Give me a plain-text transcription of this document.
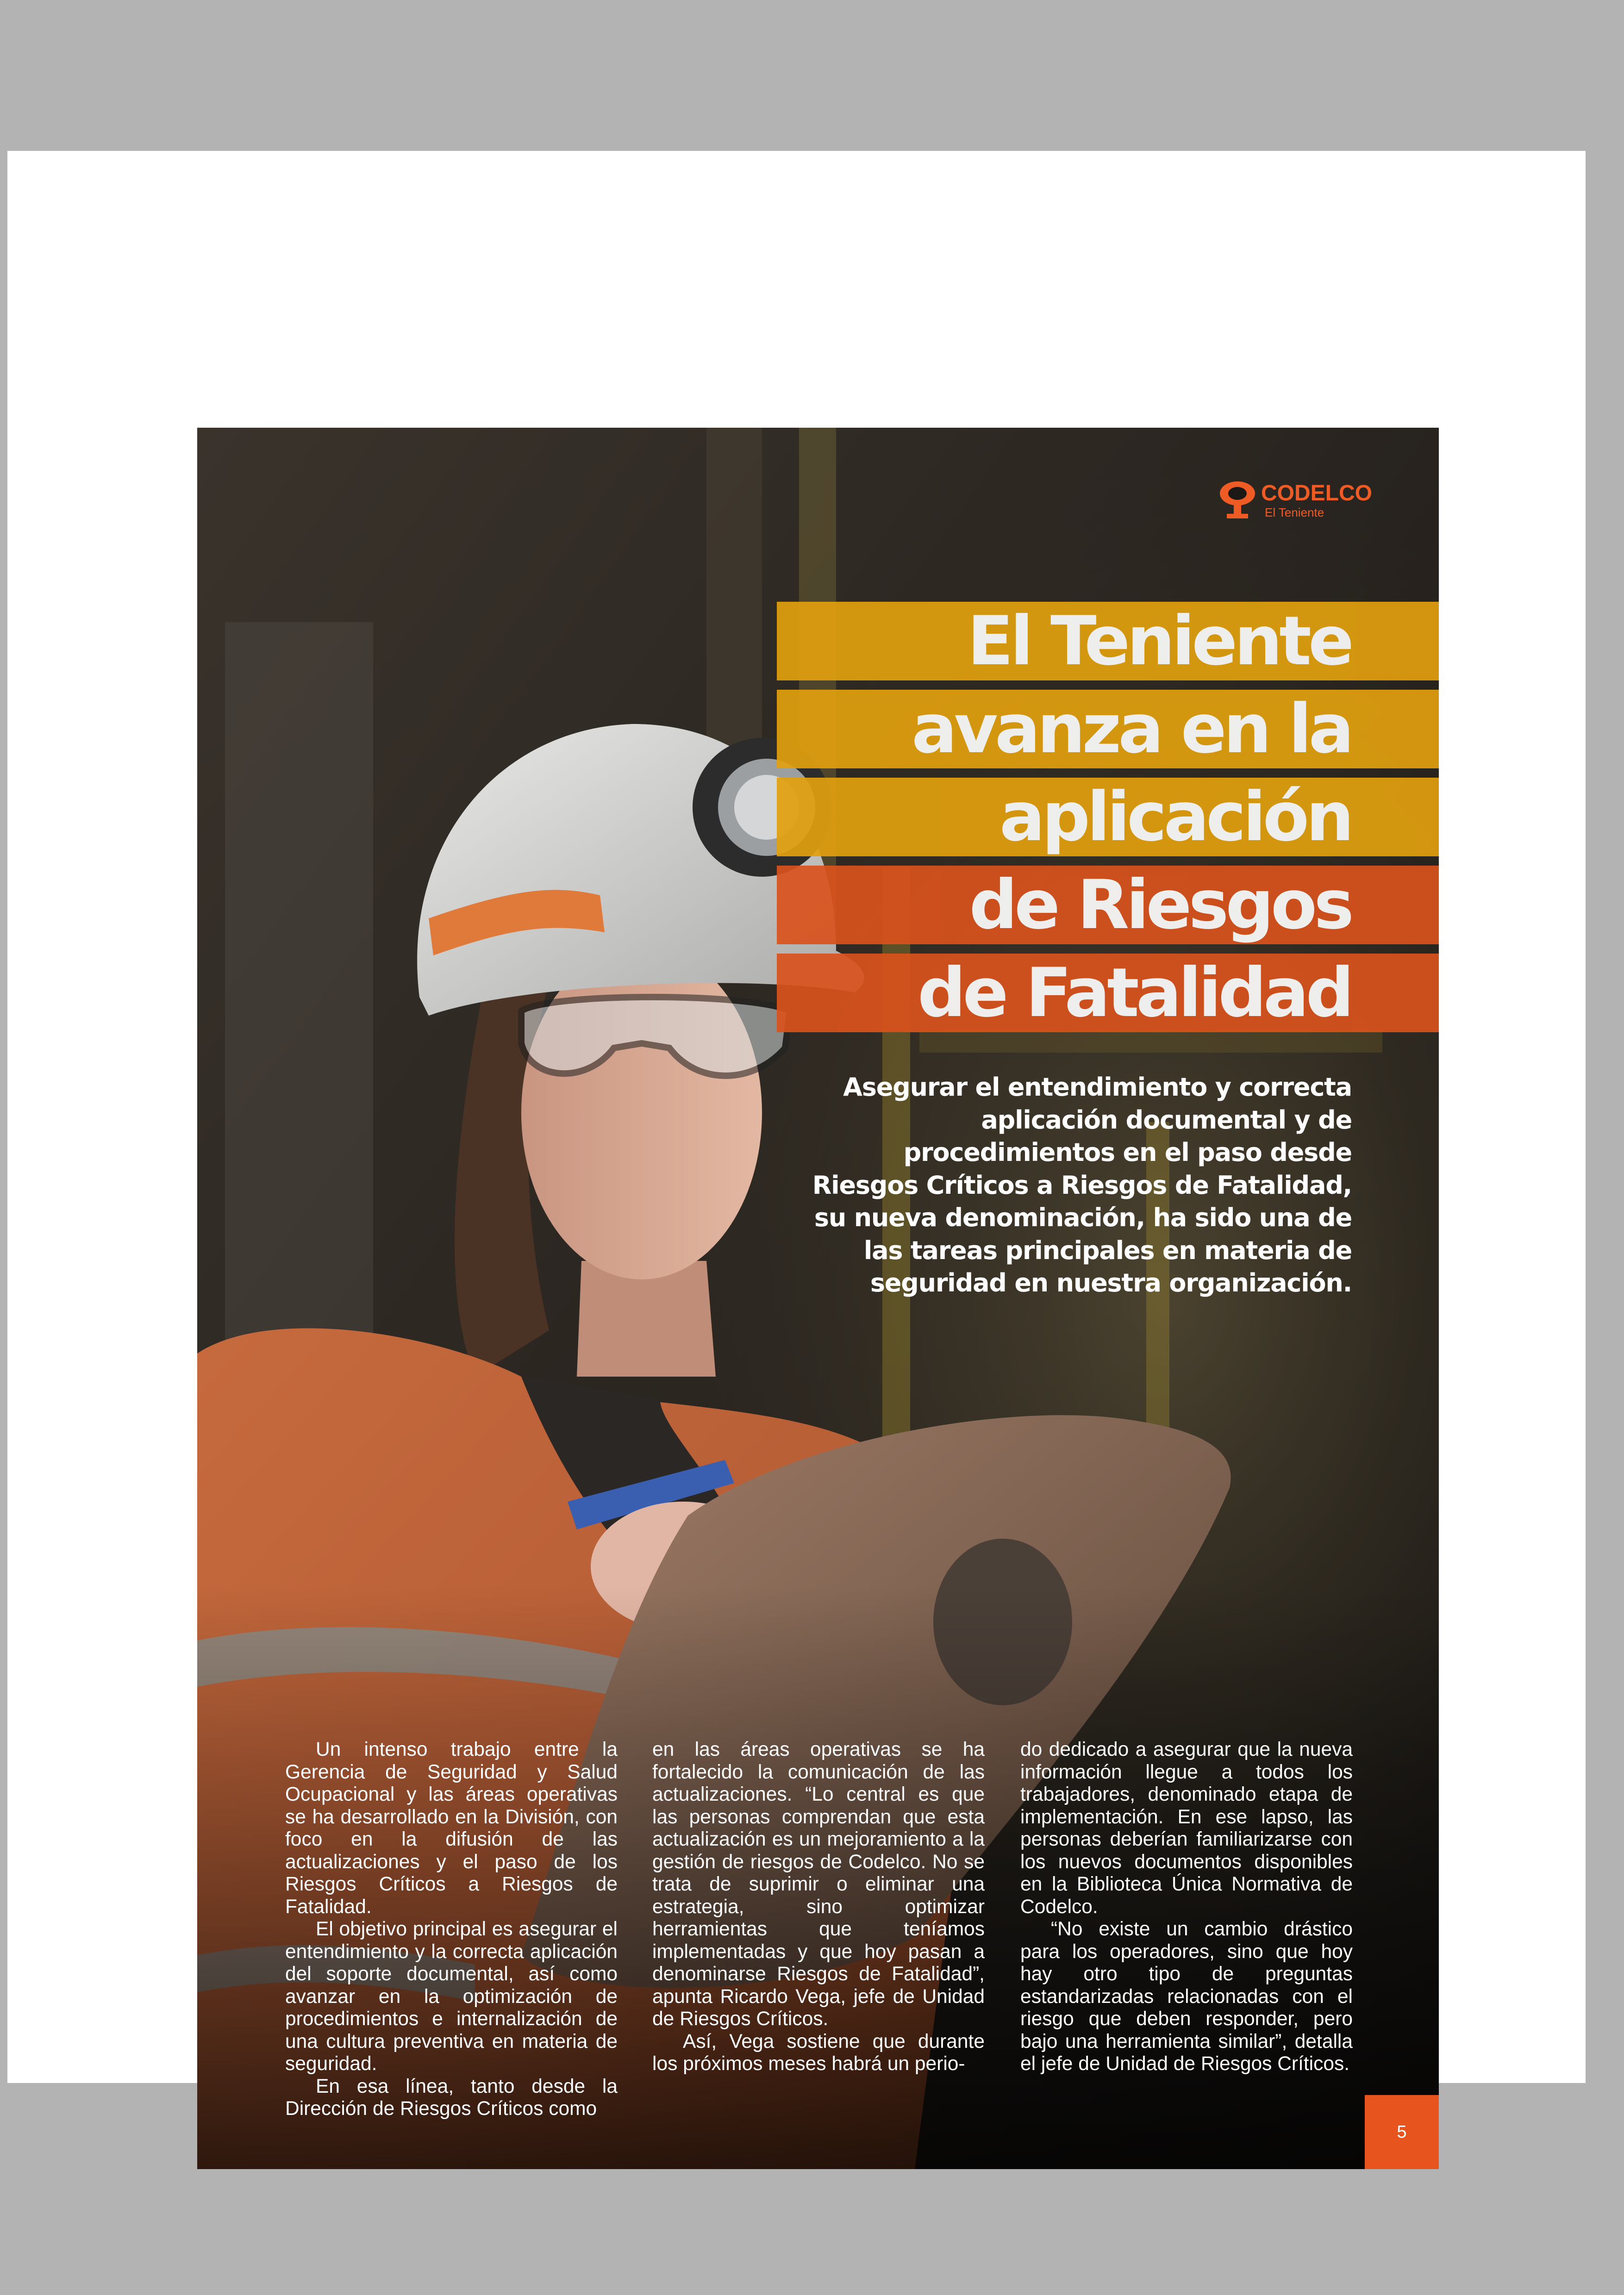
CODELCO
El Teniente
El Teniente
avanza en la
aplicación
de Riesgos
de Fatalidad
Asegurar el entendimiento y correcta aplicación documental y de procedimientos en el paso desde Riesgos Críticos a Riesgos de Fatalidad, su nueva denominación, ha sido una de las tareas principales en materia de seguridad en nuestra organización.

Un intenso trabajo entre la Gerencia de Seguridad y Salud Ocupacional y las áreas operativas se ha desarrollado en la División, con foco en la difusión de las actualizaciones y el paso de los Riesgos Críticos a Riesgos de Fatalidad.

El objetivo principal es asegurar el entendimiento y la correcta aplicación del soporte documental, así como avanzar en la optimización de procedimientos e internalización de una cultura preventiva en materia de seguridad.

En esa línea, tanto desde la Dirección de Riesgos Críticos como

en las áreas operativas se ha fortalecido la comunicación de las actualizaciones. “Lo central es que las personas comprendan que esta actualización es un mejoramiento a la gestión de riesgos de Codelco. No se trata de suprimir o eliminar una estrategia, sino optimizar herramientas que teníamos implementadas y que hoy pasan a denominarse Riesgos de Fatalidad”, apunta Ricardo Vega, jefe de Unidad de Riesgos Críticos.

Así, Vega sostiene que durante los próximos meses habrá un perio-

do dedicado a asegurar que la nueva información llegue a todos los trabajadores, denominado etapa de implementación. En ese lapso, las personas deberían familiarizarse con los nuevos documentos disponibles en la Biblioteca Única Normativa de Codelco.

“No existe un cambio drástico para los operadores, sino que hoy hay otro tipo de preguntas estandarizadas relacionadas con el riesgo que deben responder, pero bajo una herramienta similar”, detalla el jefe de Unidad de Riesgos Críticos.

5
